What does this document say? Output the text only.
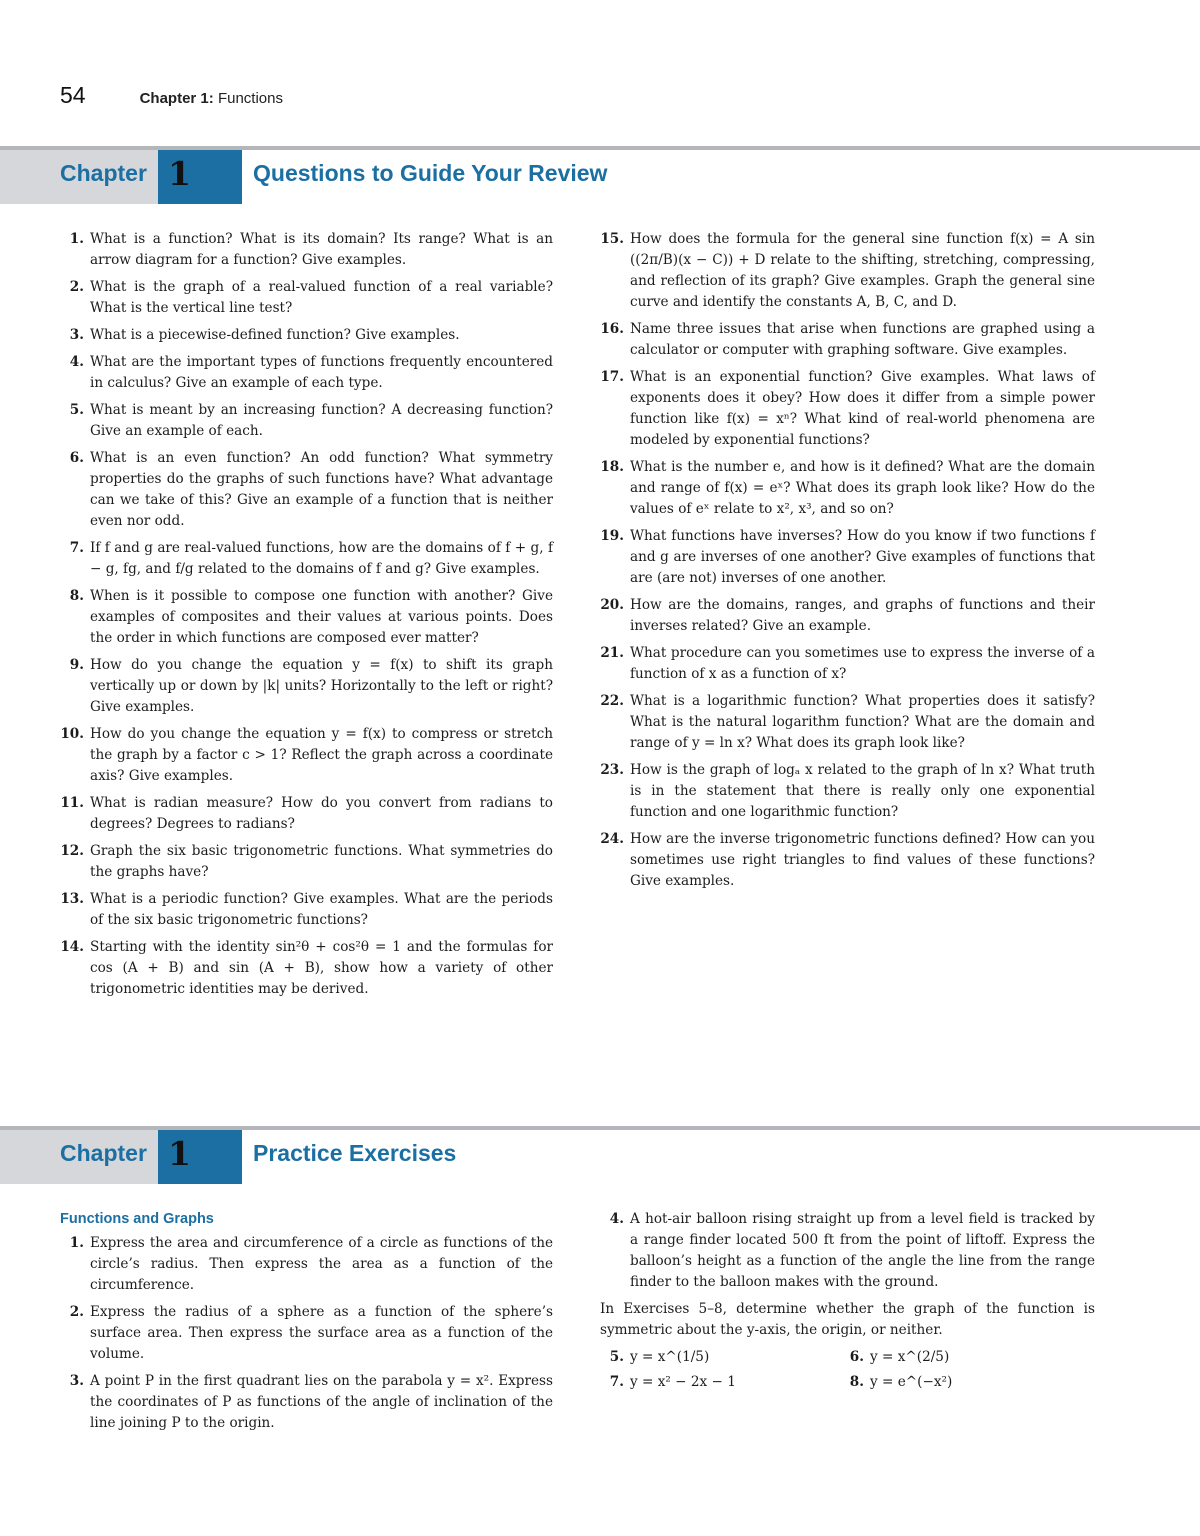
54	Chapter 1: Functions
Chapter 1	Questions to Guide Your Review
1. What is a function? What is its domain? Its range? What is an arrow diagram for a function? Give examples.
2. What is the graph of a real-valued function of a real variable? What is the vertical line test?
3. What is a piecewise-defined function? Give examples.
4. What are the important types of functions frequently encountered in calculus? Give an example of each type.
5. What is meant by an increasing function? A decreasing function? Give an example of each.
6. What is an even function? An odd function? What symmetry properties do the graphs of such functions have? What advantage can we take of this? Give an example of a function that is neither even nor odd.
7. If f and g are real-valued functions, how are the domains of f + g, f − g, fg, and f/g related to the domains of f and g? Give examples.
8. When is it possible to compose one function with another? Give examples of composites and their values at various points. Does the order in which functions are composed ever matter?
9. How do you change the equation y = f(x) to shift its graph vertically up or down by |k| units? Horizontally to the left or right? Give examples.
10. How do you change the equation y = f(x) to compress or stretch the graph by a factor c > 1? Reflect the graph across a coordinate axis? Give examples.
11. What is radian measure? How do you convert from radians to degrees? Degrees to radians?
12. Graph the six basic trigonometric functions. What symmetries do the graphs have?
13. What is a periodic function? Give examples. What are the periods of the six basic trigonometric functions?
14. Starting with the identity sin²θ + cos²θ = 1 and the formulas for cos (A + B) and sin (A + B), show how a variety of other trigonometric identities may be derived.
15. How does the formula for the general sine function f(x) = A sin ((2π/B)(x − C)) + D relate to the shifting, stretching, compressing, and reflection of its graph? Give examples. Graph the general sine curve and identify the constants A, B, C, and D.
16. Name three issues that arise when functions are graphed using a calculator or computer with graphing software. Give examples.
17. What is an exponential function? Give examples. What laws of exponents does it obey? How does it differ from a simple power function like f(x) = xⁿ? What kind of real-world phenomena are modeled by exponential functions?
18. What is the number e, and how is it defined? What are the domain and range of f(x) = eˣ? What does its graph look like? How do the values of eˣ relate to x², x³, and so on?
19. What functions have inverses? How do you know if two functions f and g are inverses of one another? Give examples of functions that are (are not) inverses of one another.
20. How are the domains, ranges, and graphs of functions and their inverses related? Give an example.
21. What procedure can you sometimes use to express the inverse of a function of x as a function of x?
22. What is a logarithmic function? What properties does it satisfy? What is the natural logarithm function? What are the domain and range of y = ln x? What does its graph look like?
23. How is the graph of logₐ x related to the graph of ln x? What truth is in the statement that there is really only one exponential function and one logarithmic function?
24. How are the inverse trigonometric functions defined? How can you sometimes use right triangles to find values of these functions? Give examples.
Chapter 1	Practice Exercises
Functions and Graphs
1. Express the area and circumference of a circle as functions of the circle’s radius. Then express the area as a function of the circumference.
2. Express the radius of a sphere as a function of the sphere’s surface area. Then express the surface area as a function of the volume.
3. A point P in the first quadrant lies on the parabola y = x². Express the coordinates of P as functions of the angle of inclination of the line joining P to the origin.
4. A hot-air balloon rising straight up from a level field is tracked by a range finder located 500 ft from the point of liftoff. Express the balloon’s height as a function of the angle the line from the range finder to the balloon makes with the ground.
In Exercises 5–8, determine whether the graph of the function is symmetric about the y-axis, the origin, or neither.
5. y = x^(1/5)	6. y = x^(2/5)
7. y = x² − 2x − 1	8. y = e^(−x²)
